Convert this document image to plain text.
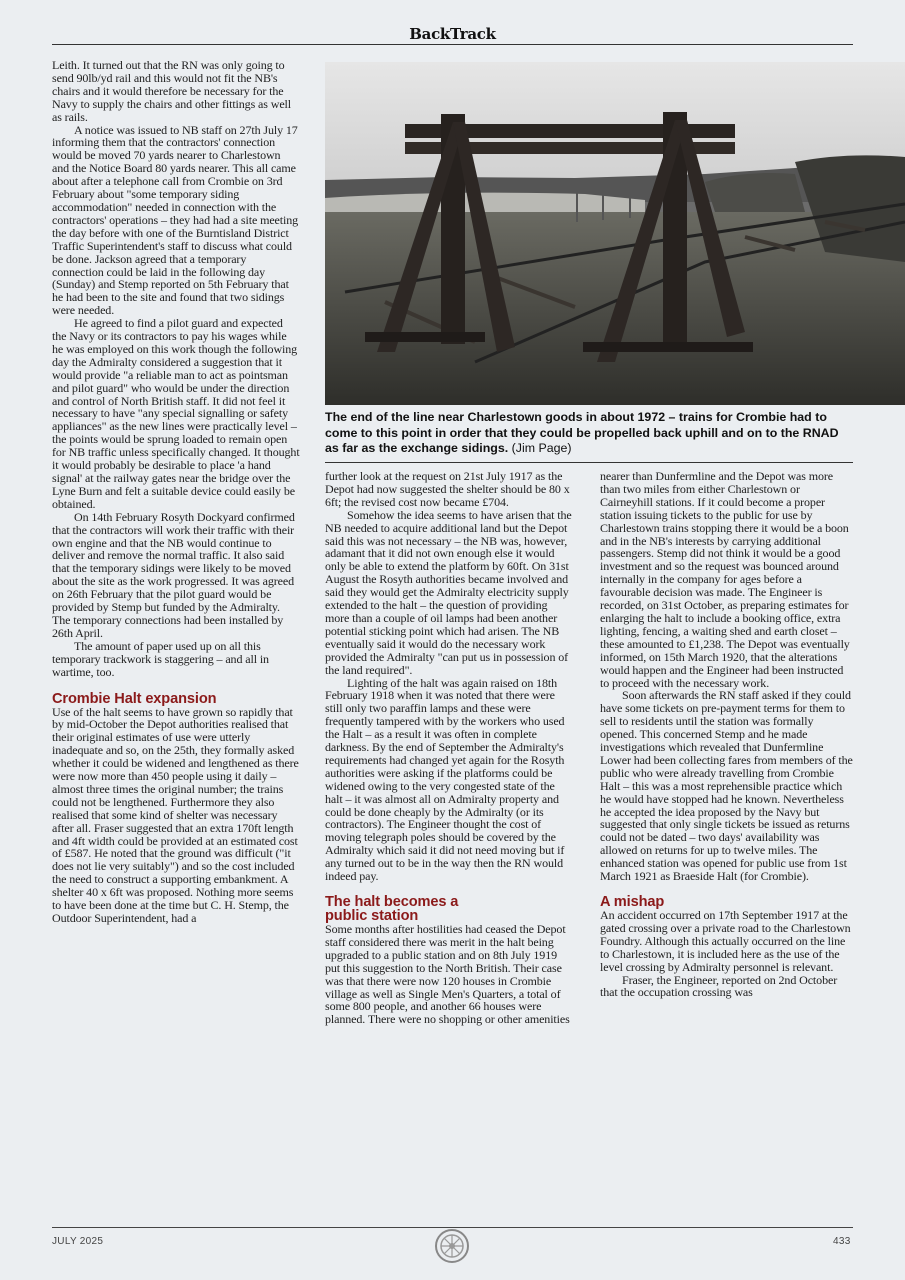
BackTrack

Leith. It turned out that the RN was only going to send 90lb/yd rail and this would not fit the NB's chairs and it would therefore be necessary for the Navy to supply the chairs and other fittings as well as rails.

A notice was issued to NB staff on 27th July 17 informing them that the contractors' connection would be moved 70 yards nearer to Charlestown and the Notice Board 80 yards nearer. This all came about after a telephone call from Crombie on 3rd February about "some temporary siding accommodation" needed in connection with the contractors' operations – they had had a site meeting the day before with one of the Burntisland District Traffic Superintendent's staff to discuss what could be done. Jackson agreed that a temporary connection could be laid in the following day (Sunday) and Stemp reported on 5th February that he had been to the site and found that two sidings were needed.

He agreed to find a pilot guard and expected the Navy or its contractors to pay his wages while he was employed on this work though the following day the Admiralty considered a suggestion that it would provide "a reliable man to act as pointsman and pilot guard" who would be under the direction and control of North British staff. It did not feel it necessary to have "any special signalling or safety appliances" as the new lines were practically level – the points would be sprung loaded to remain open for NB traffic unless specifically changed. It thought it would probably be desirable to place 'a hand signal' at the railway gates near the bridge over the Lyne Burn and felt a suitable device could easily be obtained.

On 14th February Rosyth Dockyard confirmed that the contractors will work their traffic with their own engine and that the NB would continue to deliver and remove the normal traffic. It also said that the temporary sidings were likely to be moved about the site as the work progressed. It was agreed on 26th February that the pilot guard would be provided by Stemp but funded by the Admiralty. The temporary connections had been installed by 26th April.

The amount of paper used up on all this temporary trackwork is staggering – and all in wartime, too.

Crombie Halt expansion

Use of the halt seems to have grown so rapidly that by mid-October the Depot authorities realised that their original estimates of use were utterly inadequate and so, on the 25th, they formally asked whether it could be widened and lengthened as there were now more than 450 people using it daily – almost three times the original number; the trains could not be lengthened. Furthermore they also realised that some kind of shelter was necessary after all. Fraser suggested that an extra 170ft length and 4ft width could be provided at an estimated cost of £587. He noted that the ground was difficult ("it does not lie very suitably") and so the cost included the need to construct a supporting embankment. A shelter 40 x 6ft was proposed. Nothing more seems to have been done at the time but C. H. Stemp, the Outdoor Superintendent, had a

The end of the line near Charlestown goods in about 1972 – trains for Crombie had to come to this point in order that they could be propelled back uphill and on to the RNAD as far as the exchange sidings. (Jim Page)

further look at the request on 21st July 1917 as the Depot had now suggested the shelter should be 80 x 6ft; the revised cost now became £704.

Somehow the idea seems to have arisen that the NB needed to acquire additional land but the Depot said this was not necessary – the NB was, however, adamant that it did not own enough else it would only be able to extend the platform by 60ft. On 31st August the Rosyth authorities became involved and said they would get the Admiralty electricity supply extended to the halt – the question of providing more than a couple of oil lamps had been another potential sticking point which had arisen. The NB eventually said it would do the necessary work provided the Admiralty "can put us in possession of the land required".

Lighting of the halt was again raised on 18th February 1918 when it was noted that there were still only two paraffin lamps and these were frequently tampered with by the workers who used the Halt – as a result it was often in complete darkness. By the end of September the Admiralty's requirements had changed yet again for the Rosyth authorities were asking if the platforms could be widened owing to the very congested state of the halt – it was almost all on Admiralty property and could be done cheaply by the Admiralty (or its contractors). The Engineer thought the cost of moving telegraph poles should be covered by the Admiralty which said it did not need moving but if any turned out to be in the way then the RN would indeed pay.

The halt becomes a public station

Some months after hostilities had ceased the Depot staff considered there was merit in the halt being upgraded to a public station and on 8th July 1919 put this suggestion to the North British. Their case was that there were now 120 houses in Crombie village as well as Single Men's Quarters, a total of some 800 people, and another 66 houses were planned. There were no shopping or other amenities

nearer than Dunfermline and the Depot was more than two miles from either Charlestown or Cairneyhill stations. If it could become a proper station issuing tickets to the public for use by Charlestown trains stopping there it would be a boon and in the NB's interests by carrying additional passengers. Stemp did not think it would be a good investment and so the request was bounced around internally in the company for ages before a favourable decision was made. The Engineer is recorded, on 31st October, as preparing estimates for enlarging the halt to include a booking office, extra lighting, fencing, a waiting shed and earth closet – these amounted to £1,238. The Depot was eventually informed, on 15th March 1920, that the alterations would happen and the Engineer had been instructed to proceed with the necessary work.

Soon afterwards the RN staff asked if they could have some tickets on pre-payment terms for them to sell to residents until the station was formally opened. This concerned Stemp and he made investigations which revealed that Dunfermline Lower had been collecting fares from members of the public who were already travelling from Crombie Halt – this was a most reprehensible practice which he would have stopped had he known. Nevertheless he accepted the idea proposed by the Navy but suggested that only single tickets be issued as returns could not be dated – two days' availability was allowed on returns for up to twelve miles. The enhanced station was opened for public use from 1st March 1921 as Braeside Halt (for Crombie).

A mishap

An accident occurred on 17th September 1917 at the gated crossing over a private road to the Charlestown Foundry. Although this actually occurred on the line to Charlestown, it is included here as the use of the level crossing by Admiralty personnel is relevant.

Fraser, the Engineer, reported on 2nd October that the occupation crossing was

JULY 2025	433
